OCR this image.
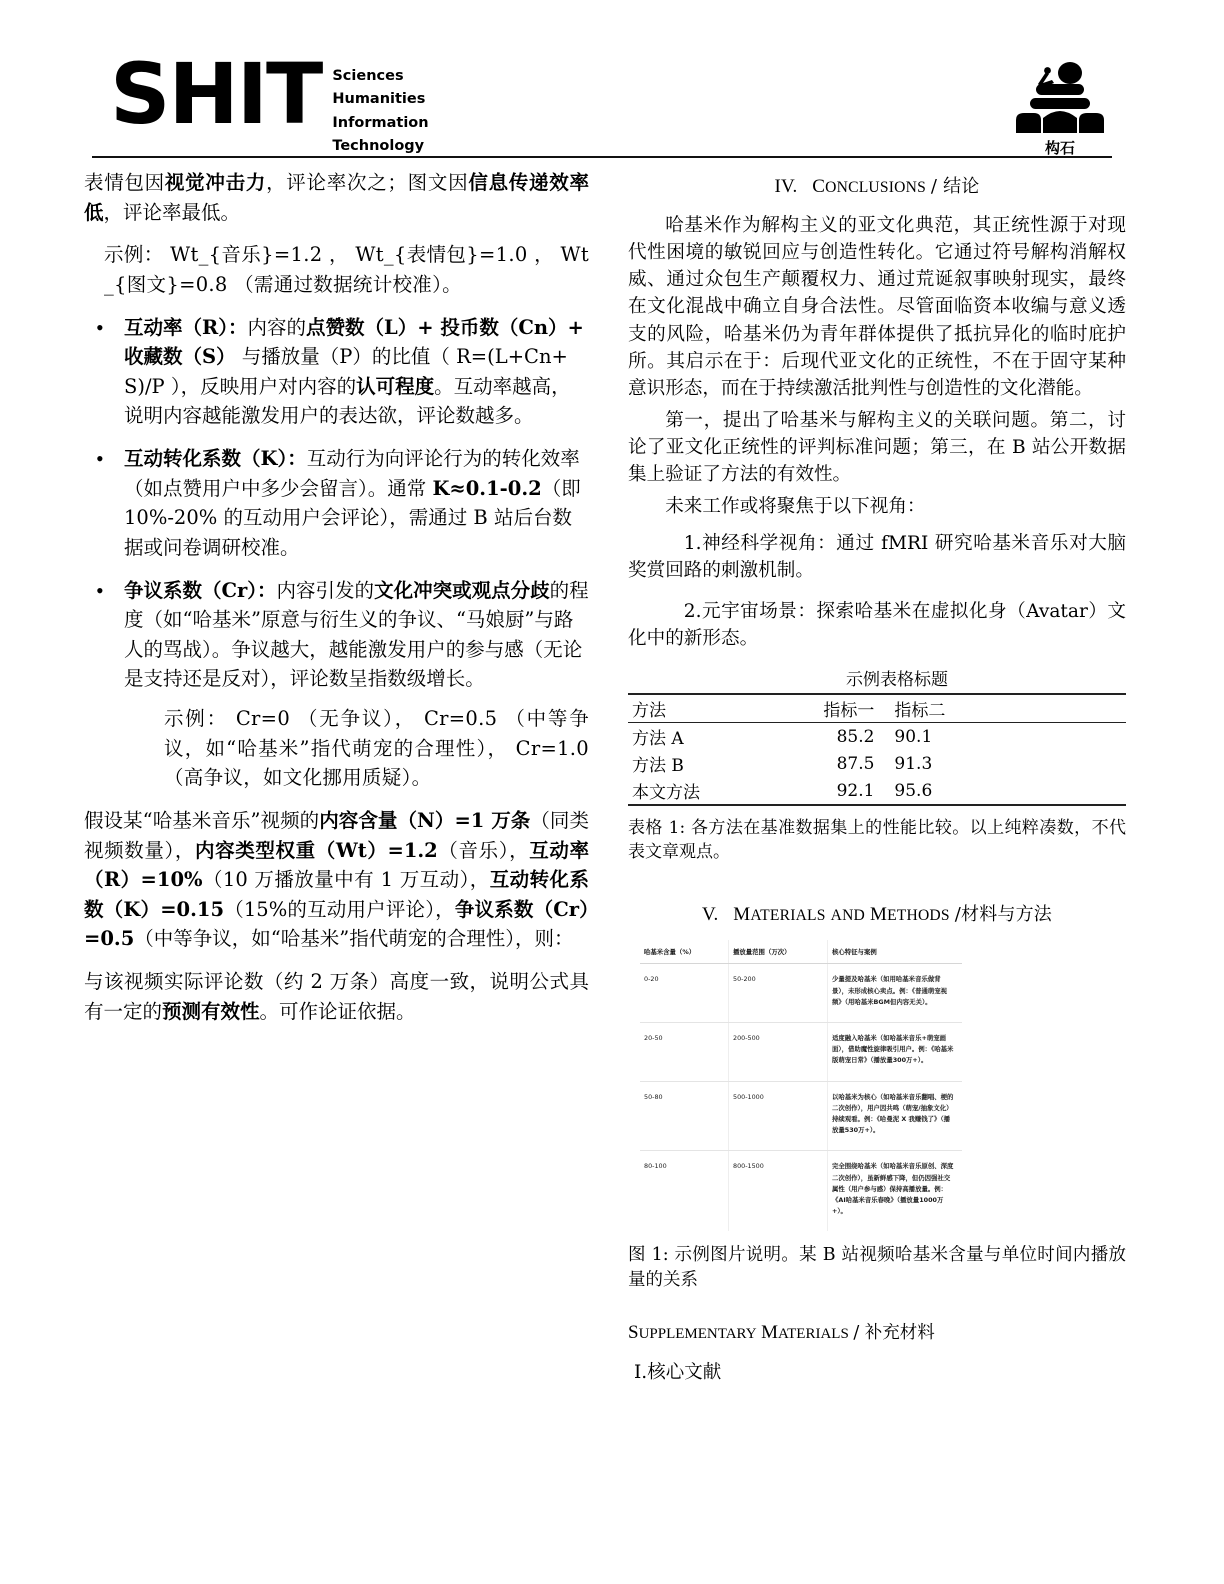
SHIT Sciences
Humanities
Information
Technology	构石

表情包因视觉冲击力，评论率次之；图文因信息传递效率低，评论率最低。

示例： Wt_{音乐}=1.2 ， Wt_{表情包}=1.0 ， Wt_{图文}=0.8 （需通过数据统计校准）。

• 互动率（R）：内容的点赞数（L）+ 投币数（Cn）+ 收藏数（S） 与播放量（P）的比值（ R=(L+Cn+S)/P ），反映用户对内容的认可程度。互动率越高，说明内容越能激发用户的表达欲，评论数越多。
• 互动转化系数（K）：互动行为向评论行为的转化效率（如点赞用户中多少会留言）。通常 K≈0.1-0.2（即 10%-20% 的互动用户会评论），需通过 B 站后台数据或问卷调研校准。
• 争议系数（Cr）：内容引发的文化冲突或观点分歧的程度（如“哈基米”原意与衍生义的争议、“马娘厨”与路人的骂战）。争议越大，越能激发用户的参与感（无论是支持还是反对），评论数呈指数级增长。

示例： Cr=0 （无争议）， Cr=0.5 （中等争议，如“哈基米”指代萌宠的合理性）， Cr=1.0 （高争议，如文化挪用质疑）。

假设某“哈基米音乐”视频的内容含量（N）=1 万条（同类视频数量），内容类型权重（Wt）=1.2（音乐），互动率（R）=10%（10 万播放量中有 1 万互动），互动转化系数（K）=0.15（15%的互动用户评论），争议系数（Cr）=0.5（中等争议，如“哈基米”指代萌宠的合理性），则：

与该视频实际评论数（约 2 万条）高度一致，说明公式具有一定的预测有效性。可作论证依据。

IV. CONCLUSIONS / 结论

哈基米作为解构主义的亚文化典范，其正统性源于对现代性困境的敏锐回应与创造性转化。它通过符号解构消解权威、通过众包生产颠覆权力、通过荒诞叙事映射现实，最终在文化混战中确立自身合法性。尽管面临资本收编与意义透支的风险，哈基米仍为青年群体提供了抵抗异化的临时庇护所。其启示在于：后现代亚文化的正统性，不在于固守某种意识形态，而在于持续激活批判性与创造性的文化潜能。

第一，提出了哈基米与解构主义的关联问题。第二，讨论了亚文化正统性的评判标准问题；第三，在 B 站公开数据集上验证了方法的有效性。

未来工作或将聚焦于以下视角：

1.神经科学视角：通过 fMRI 研究哈基米音乐对大脑奖赏回路的刺激机制。

2.元宇宙场景：探索哈基米在虚拟化身（Avatar）文化中的新形态。

示例表格标题
方法	指标一	指标二	
方法 A	85.2	90.1	
方法 B	87.5	91.3	
本文方法	92.1	95.6	

表格 1: 各方法在基准数据集上的性能比较。以上纯粹凑数，不代表文章观点。

V. MATERIALS AND METHODS /材料与方法
哈基米含量（%）	播放量范围（万次）	核心特征与案例
0-20	50-200	少量提及哈基米（如用哈基米音乐做背景），未形成核心卖点。例：《普通萌宠视频》（用哈基米BGM但内容无关）。
20-50	200-500	适度融入哈基米（如哈基米音乐+萌宠画面），借助魔性旋律吸引用户。例：《哈基米版萌宠日常》（播放量300万+）。
50-80	500-1000	以哈基米为核心（如哈基米音乐翻唱、梗的二次创作），用户因共鸣（萌宠/抽象文化）持续观看。例：《哈曼泥 X 我赚钱了》（播放量530万+）。
80-100	800-1500	完全围绕哈基米（如哈基米音乐原创、深度二次创作），虽新鲜感下降，但仍因强社交属性（用户参与感）保持高播放量。例：《AI哈基米音乐春晚》（播放量1000万+）。

图 1: 示例图片说明。某 B 站视频哈基米含量与单位时间内播放量的关系

SUPPLEMENTARY MATERIALS / 补充材料
Ⅰ.核心文献
